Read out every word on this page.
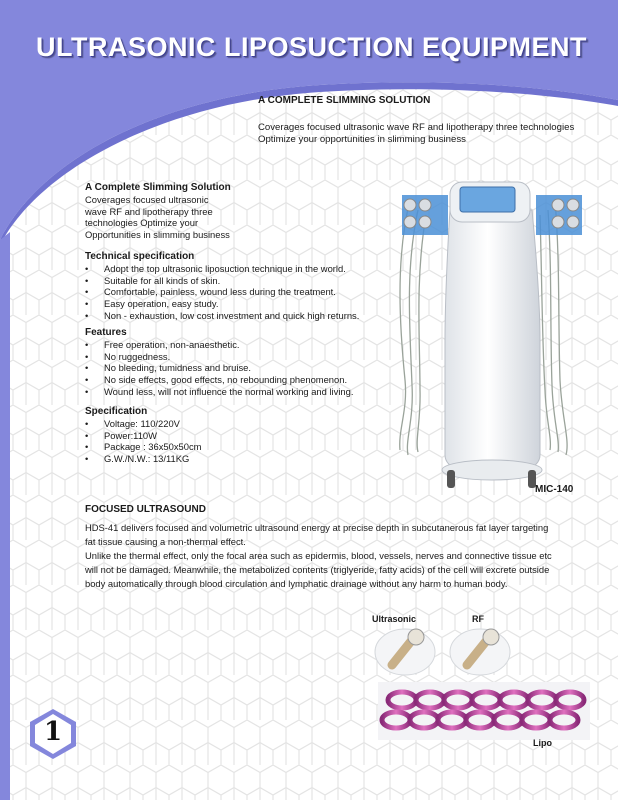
ULTRASONIC LIPOSUCTION EQUIPMENT
A COMPLETE SLIMMING SOLUTION

Coverages focused ultrasonic wave RF and lipotherapy three technologies Optimize your opportunities in slimming business

A Complete Slimming Solution
Coverages focused ultrasonic
wave RF and lipotherapy three
technologies Optimize your
Opportunities in slimming business
Technical specification
• Adopt the top ultrasonic liposuction technique in the world.
• Suitable for all kinds of skin.
• Comfortable, painless, wound less during the treatment.
• Easy operation, easy study.
• Non - exhaustion, low cost investment and quick high returns.
Features
• Free operation, non-anaesthetic.
• No ruggedness.
• No bleeding, tumidness and bruise.
• No side effects, good effects, no rebounding phenomenon.
• Wound less, will not influence the normal working and living.
Specification
• Voltage: 110/220V
• Power:110W
• Package : 36x50x50cm
• G.W./N.W.: 13/11KG
MIC-140
FOCUSED ULTRASOUND

HDS-41 delivers focused and volumetric ultrasound energy at precise depth in subcutanerous fat layer targeting fat tissue causing a non-thermal effect.

Unlike the thermal effect, only the focal area such as epidermis, blood, vessels, nerves and connective tissue etc will not be damaged. Meanwhile, the metabolized contents (triglyeride, fatty acids) of the cell will excrete outside body automatically through blood circulation and lymphatic drainage without any harm to human body.

Ultrasonic	RF
Lipo
1
